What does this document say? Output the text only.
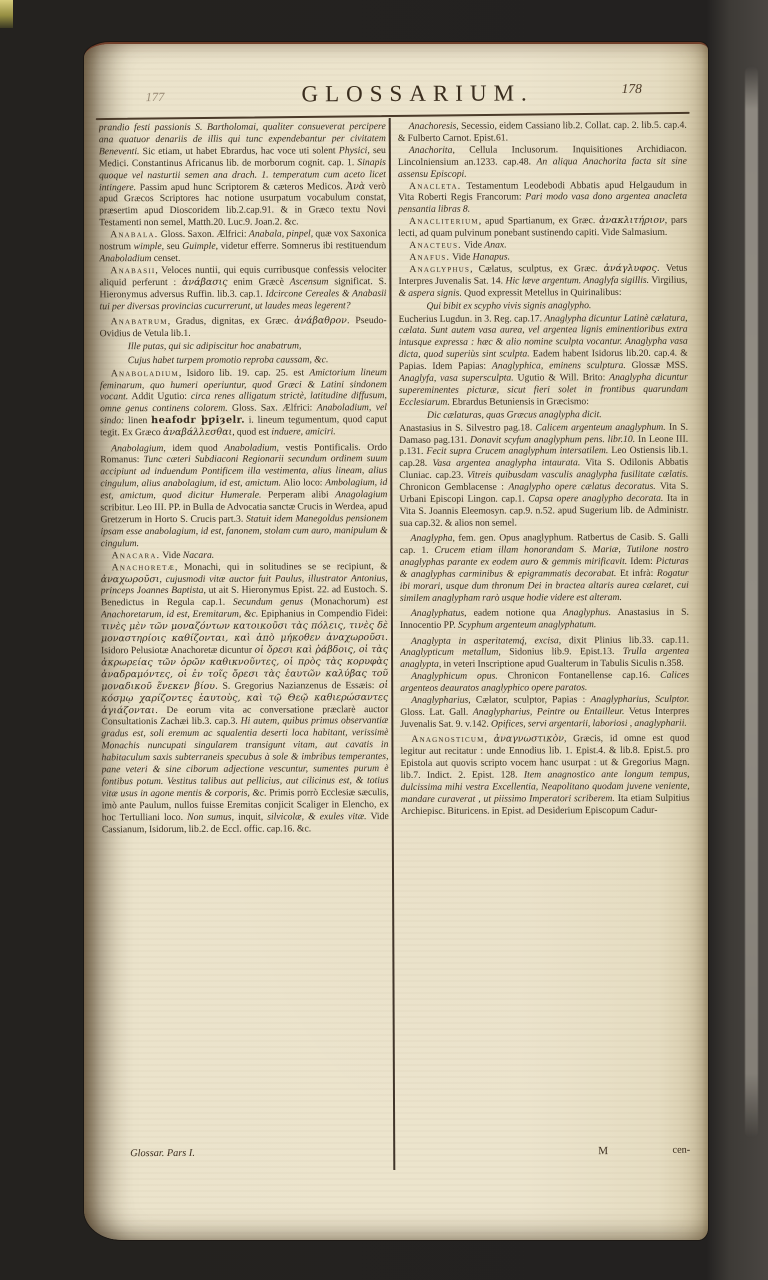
177	GLOSSARIUM.	178

prandio festi passionis S. Bartholomai, qualiter consueverat percipere ana quatuor denariis de illis qui tunc expendebantur per civitatem Beneventi. Sic etiam, ut habet Ebrardus, hac voce uti solent Physici, seu Medici. Constantinus Africanus lib. de morborum cognit. cap. 1. Sinapis quoque vel nasturtii semen ana drach. 1. temperatum cum aceto licet intingere. Passim apud hunc Scriptorem & cæteros Medicos. Ἀνὰ verò apud Græcos Scriptores hac notione usurpatum vocabulum constat, præsertim apud Dioscoridem lib.2.cap.91. & in Græco textu Novi Testamenti non semel, Matth.20. Luc.9. Joan.2. &c.

Anabala. Gloss. Saxon. Ælfrici: Anabala, pinpel, quæ vox Saxonica nostrum wimple, seu Guimple, videtur efferre. Somnerus ibi restituendum Anaboladium censet.

Anabasii, Veloces nuntii, qui equis curribusque confessis velociter aliquid perferunt : ἀνάβασις enim Græcè Ascensum significat. S. Hieronymus adversus Ruffin. lib.3. cap.1. Idcircone Cereales & Anabasii tui per diversas provincias cucurrerunt, ut laudes meas legerent?

Anabatrum, Gradus, dignitas, ex Græc. ἀνάβαθρον. Pseudo-Ovidius de Vetula lib.1.

Ille putas, qui sic adipiscitur hoc anabatrum,

Cujus habet turpem promotio reproba caussam, &c.

Anaboladium, Isidoro lib. 19. cap. 25. est Amictorium lineum feminarum, quo humeri operiuntur, quod Græci & Latini sindonem vocant. Addit Ugutio: circa renes alligatum strictè, latitudine diffusum, omne genus continens colorem. Gloss. Sax. Ælfrici: Anaboladium, vel sindo: linen heafodr þƿiȝelr. i. lineum tegumentum, quod caput tegit. Ex Græco ἀναβάλλεσθαι, quod est induere, amiciri.

Anabolagium, idem quod Anaboladium, vestis Pontificalis. Ordo Romanus: Tunc cæteri Subdiaconi Regionarii secundum ordinem suum accipiunt ad induendum Pontificem illa vestimenta, alius lineam, alius cingulum, alius anabolagium, id est, amictum. Alio loco: Ambolagium, id est, amictum, quod dicitur Humerale. Perperam alibi Anagolagium scribitur. Leo III. PP. in Bulla de Advocatia sanctæ Crucis in Werdea, apud Gretzerum in Horto S. Crucis part.3. Statuit idem Manegoldus pensionem ipsam esse anabolagium, id est, fanonem, stolam cum auro, manipulum & cingulum.

Anacara. Vide Nacara.

Anachoretæ, Monachi, qui in solitudines se se recipiunt, & ἀναχωροῦσι, cujusmodi vitæ auctor fuit Paulus, illustrator Antonius, princeps Joannes Baptista, ut ait S. Hieronymus Epist. 22. ad Eustoch. S. Benedictus in Regula cap.1. Secundum genus (Monachorum) est Anachoretarum, id est, Eremitarum, &c. Epiphanius in Compendio Fidei: τινὲς μὲν τῶν μοναζόντων κατοικοῦσι τὰς πόλεις, τινὲς δὲ μοναστηρίοις καθίζονται, καὶ ἀπὸ μήκοθεν ἀναχωροῦσι. Isidoro Pelusiotæ Anachoretæ dicuntur οἱ ὄρεσι καὶ ῥάβδοις, οἱ τὰς ἀκρωρείας τῶν ὀρῶν καθικνοῦντες, οἱ πρὸς τὰς κορυφὰς ἀναδραμόντες, οἱ ἐν τοῖς ὄρεσι τὰς ἑαυτῶν καλύβας τοῦ μοναδικοῦ ἕνεκεν βίου. S. Gregorius Nazianzenus de Essæis: οἱ κόσμῳ χαρίζοντες ἑαυτοὺς, καὶ τῷ Θεῷ καθιερώσαντες ἁγιάζονται. De eorum vita ac conversatione præclarè auctor Consultationis Zachæi lib.3. cap.3. Hi autem, quibus primus observantiæ gradus est, soli eremum ac squalentia deserti loca habitant, verissimè Monachis nuncupati singularem transigunt vitam, aut cavatis in habitaculum saxis subterraneis specubus à sole & imbribus temperantes, pane veteri & sine ciborum adjectione vescuntur, sumentes purum è fontibus potum. Vestitus talibus aut pellicius, aut cilicinus est, & totius vitæ usus in agone mentis & corporis, &c. Primis porrò Ecclesiæ sæculis, imò ante Paulum, nullos fuisse Eremitas conjicit Scaliger in Elencho, ex hoc Tertulliani loco. Non sumus, inquit, silvicolæ, & exules vitæ. Vide Cassianum, Isidorum, lib.2. de Eccl. offic. cap.16. &c.

Anachoresis, Secessio, eidem Cassiano lib.2. Collat. cap. 2. lib.5. cap.4. & Fulberto Carnot. Epist.61.

Anachorita, Cellula Inclusorum. Inquisitiones Archidiacon. Lincolniensium an.1233. cap.48. An aliqua Anachorita facta sit sine assensu Episcopi.

Anacleta. Testamentum Leodebodi Abbatis apud Helgaudum in Vita Roberti Regis Francorum: Pari modo vasa dono argentea anacleta pensantia libras 8.

Anacliterium, apud Spartianum, ex Græc. ἀνακλιτήριον, pars lecti, ad quam pulvinum ponebant sustinendo capiti. Vide Salmasium.

Anacteus. Vide Anax.

Anafus. Vide Hanapus.

Anaglyphus, Cælatus, sculptus, ex Græc. ἀνάγλυφος. Vetus Interpres Juvenalis Sat. 14. Hic læve argentum. Anaglyfa sigillis. Virgilius, & aspera signis. Quod expressit Metellus in Quirinalibus:

Qui bibit ex scypho vivis signis anaglypho.

Eucherius Lugdun. in 3. Reg. cap.17. Anaglypha dicuntur Latinè cælatura, cælata. Sunt autem vasa aurea, vel argentea lignis eminentioribus extra intusque expressa : hæc & alio nomine sculpta vocantur. Anaglypha vasa dicta, quod superiùs sint sculpta. Eadem habent Isidorus lib.20. cap.4. & Papias. Idem Papias: Anaglyphica, eminens sculptura. Glossæ MSS. Anaglyfa, vasa supersculpta. Ugutio & Will. Brito: Anaglypha dicuntur supereminentes picturæ, sicut fieri solet in frontibus quarundam Ecclesiarum. Ebrardus Betuniensis in Græcismo:

Dic cælaturas, quas Græcus anaglypha dicit.

Anastasius in S. Silvestro pag.18. Calicem argenteum anaglyphum. In S. Damaso pag.131. Donavit scyfum anaglyphum pens. libr.10. In Leone III. p.131. Fecit supra Crucem anaglyphum intersatilem. Leo Ostiensis lib.1. cap.28. Vasa argentea anaglypha intaurata. Vita S. Odilonis Abbatis Cluniac. cap.23. Vitreis quibusdam vasculis anaglypha fusilitate cælatis. Chronicon Gemblacense : Anaglypho opere cælatus decoratus. Vita S. Urbani Episcopi Lingon. cap.1. Capsa opere anaglypho decorata. Ita in Vita S. Joannis Eleemosyn. cap.9. n.52. apud Sugerium lib. de Administr. sua cap.32. & alios non semel.

Anaglypha, fem. gen. Opus anaglyphum. Ratbertus de Casib. S. Galli cap. 1. Crucem etiam illam honorandam S. Mariæ, Tutilone nostro anaglyphas parante ex eodem auro & gemmis mirificavit. Idem: Picturas & anaglyphas carminibus & epigrammatis decorabat. Et infrà: Rogatur ibi morari, usque dum thronum Dei in bractea altaris aurea cælaret, cui similem anaglypham rarò usque hodie videre est alteram.

Anaglyphatus, eadem notione qua Anaglyphus. Anastasius in S. Innocentio PP. Scyphum argenteum anaglyphatum.

Anaglypta in asperitatemq́, excisa, dixit Plinius lib.33. cap.11. Anaglypticum metallum, Sidonius lib.9. Epist.13. Trulla argentea anaglypta, in veteri Inscriptione apud Gualterum in Tabulis Siculis n.358.

Anaglyphicum opus. Chronicon Fontanellense cap.16. Calices argenteos deauratos anaglyphico opere paratos.

Anaglypharius, Cælator, sculptor, Papias : Anaglypharius, Sculptor. Gloss. Lat. Gall. Anaglypharius, Peintre ou Entailleur. Vetus Interpres Juvenalis Sat. 9. v.142. Opifices, servi argentarii, laboriosi , anaglypharii.

Anagnosticum, ἀναγνωστικὸν, Græcis, id omne est quod legitur aut recitatur : unde Ennodius lib. 1. Epist.4. & lib.8. Epist.5. pro Epistola aut quovis scripto vocem hanc usurpat : ut & Gregorius Magn. lib.7. Indict. 2. Epist. 128. Item anagnostico ante longum tempus, dulcissima mihi vestra Excellentia, Neapolitano quodam juvene veniente, mandare curaverat , ut piissimo Imperatori scriberem. Ita etiam Sulpitius Archiepisc. Bituricens. in Epist. ad Desiderium Episcopum Cadur-

Glossar. Pars I.	M	cen-
